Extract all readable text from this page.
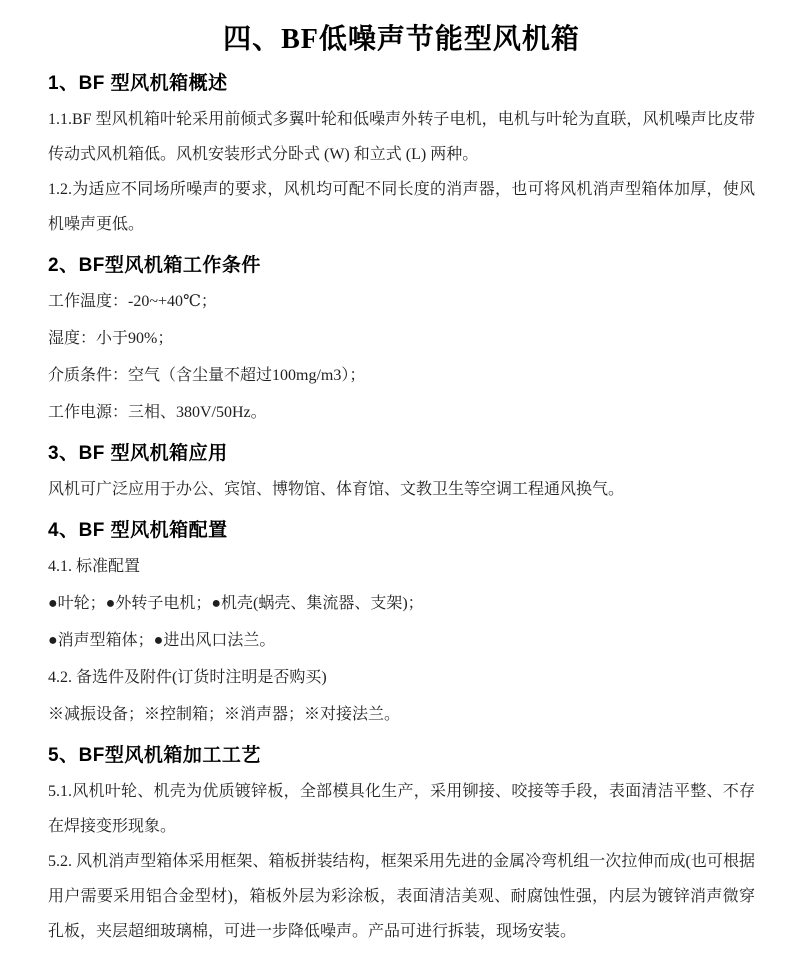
四、BF低噪声节能型风机箱
1、BF 型风机箱概述

1.1.BF 型风机箱叶轮采用前倾式多翼叶轮和低噪声外转子电机，电机与叶轮为直联，风机噪声比皮带传动式风机箱低。风机安装形式分卧式 (W) 和立式 (L) 两种。

1.2.为适应不同场所噪声的要求，风机均可配不同长度的消声器，也可将风机消声型箱体加厚，使风机噪声更低。

2、BF型风机箱工作条件

工作温度：-20~+40℃；

湿度：小于90%；

介质条件：空气（含尘量不超过100mg/m3）；

工作电源：三相、380V/50Hz。

3、BF 型风机箱应用

风机可广泛应用于办公、宾馆、博物馆、体育馆、文教卫生等空调工程通风换气。

4、BF 型风机箱配置

4.1. 标准配置

●叶轮；●外转子电机；●机壳(蜗壳、集流器、支架)；

●消声型箱体；●进出风口法兰。

4.2. 备选件及附件(订货时注明是否购买)

※减振设备；※控制箱；※消声器；※对接法兰。

5、BF型风机箱加工工艺

5.1.风机叶轮、机壳为优质镀锌板，全部模具化生产，采用铆接、咬接等手段，表面清洁平整、不存在焊接变形现象。

5.2. 风机消声型箱体采用框架、箱板拼装结构，框架采用先进的金属冷弯机组一次拉伸而成(也可根据用户需要采用铝合金型材)，箱板外层为彩涂板，表面清洁美观、耐腐蚀性强，内层为镀锌消声微穿孔板，夹层超细玻璃棉，可进一步降低噪声。产品可进行拆装，现场安装。
